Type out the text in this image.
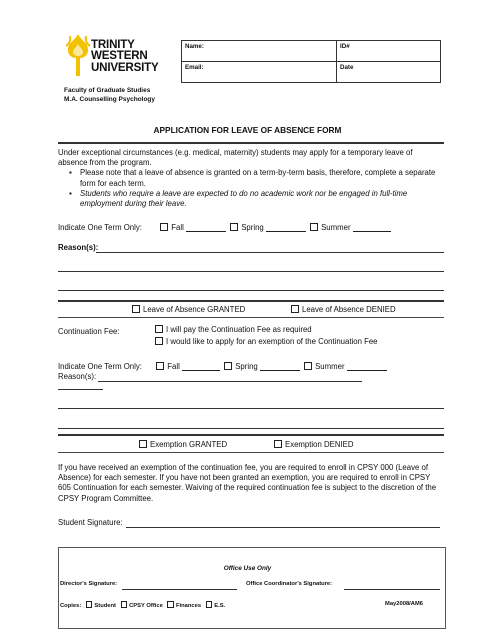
TRINITY
WESTERN
UNIVERSITY
Faculty of Graduate Studies
M.A. Counselling Psychology
Name:	ID#
Email:	Date
APPLICATION FOR LEAVE OF ABSENCE FORM
Under exceptional circumstances (e.g. medical, maternity) students may apply for a temporary leave of absence from the program.
▪ Please note that a leave of absence is granted on a term-by-term basis, therefore, complete a separate form for each term.
▪ Students who require a leave are expected to do no academic work nor be engaged in full-time employment during their leave.
Indicate One Term Only:	Fall	Spring	Summer
Reason(s):
Leave of Absence GRANTED	Leave of Absence DENIED
Continuation Fee:	I will pay the Continuation Fee as required
I would like to apply for an exemption of the Continuation Fee
Indicate One Term Only:	Fall	Spring	Summer
Reason(s):
Exemption GRANTED	Exemption DENIED
If you have received an exemption of the continuation fee, you are required to enroll in CPSY 000 (Leave of Absence) for each semester. If you have not been granted an exemption, you are required to enroll in CPSY 605 Continuation for each semester. Waiving of the required continuation fee is subject to the discretion of the CPSY Program Committee.
Student Signature:
Office Use Only
Director's Signature:	Office Coordinator's Signature:
Copies: Student CPSY Office Finances E.S.	May2008/AM6
